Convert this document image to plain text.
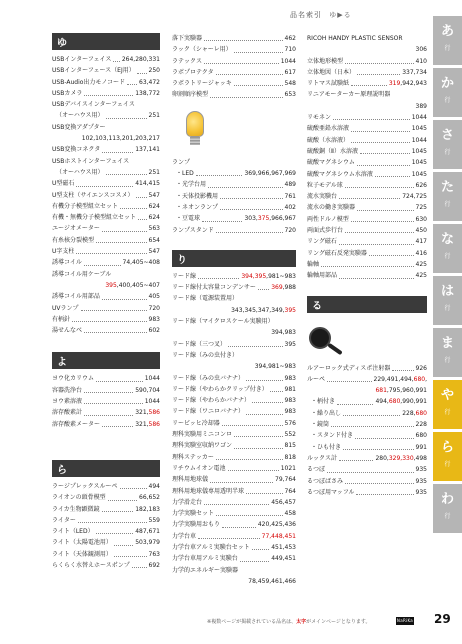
品名索引 ゆ▶る
ゆ
USBインターフェイス 264,280,331
USBインターフェース（EJ用） 250
USB-Audio出力モノコード 63,472
USBカメラ	138,772
USBデバイスインターフェイス
（オーハウス用）	251
USB変換アダプター
102,103,113,201,203,217
USB変換コネクタ	137,141
USBホストインターフェイス
（オーハウス用）	251
U型磁石	414,415
U型支柱（サイエンスコスメ） 547
有機分子模型組立セット	624
有機・無機分子模型組立セット 624
ユージオメーター	563
有糸核分裂模型	654
U字支柱	547
誘導コイル	74,405~408
誘導コイル用ケーブル
395,400,405~407
誘導コイル用部品	405
UVランプ	720
有柄針	983
湯せんなべ	602
よ
ヨウ化カリウム	1044
容器洗浄台	590,704
ヨウ素溶液	1044
溶存酸素計	321,586
溶存酸素メーター	321,586
ら
ラージプレックスルーペ	494
ライオンの頭骨模型	66,652
ライカ生物顕微鏡	182,183
ライター	559
ライト（LED）	487,671
ライト（太陽電池用）	503,979
ライト（天体観測用）	763
らくらく水替えホースポンプ	692
落下実験器	462
ラック（シャーレ用）	710
ラテックス	1044
ラボプロテクタ	617
ラボラトリージャッキ	548
卵割順序模型	653
ランプ
・LED	369,966,967,969
・光学台用	489
・天体投影機用	761
・ネオンランプ	402
・豆電球	303,375,966,967
ランプスタンド	720
り
リード線	394,395,981~983
リード線付太容量コンデンサー	369,988
リード線（電源装置用）
343,345,347,349,395
リード線（マイクロスケール実験用）
394,983
リード線（三つ叉）	395
リード線（みの虫付き）
394,981~983
リード線（みの虫バナナ）	983
リード線（やわらかクリップ付き）	981
リード線（やわらかバナナ）	983
リード線（ワニロバナナ）	983
リービッヒ冷却器	576
理科実験用ミニコンロ	552
理科実験室収納ワゴン	815
理科ステッカー	818
リチウムイオン電池	1021
理科用地球儀	79,764
理科用地球儀専用透明半球	764
力学滑走台	456,457
力学実験セット	458
力学実験用おもり	420,425,436
力学台車	77,448,451
力学台車アルミ実験台セット	451,453
力学台車用アルミ実験台	449,451
力学的エネルギー実験器
78,459,461,466
RICOH HANDY PLASTIC SENSOR
306
立体地形模型	410
立体地図（日本）	337,734
リトマス試験紙	319,942,943
リニアモーターカー原理説明器
389
リモネン	1044
硫酸亜鉛水溶液	1045
硫酸（水溶液）	1044
硫酸銅（Ⅱ）水溶液	1045
硫酸マグネシウム	1045
硫酸マグネシウム水溶液	1045
粒子モデル球	626
流水実験台	724,725
流水の働き実験器	725
両性ドルノ模型	630
両面式歩行台	450
リング磁石	417
リング磁石反発実験器	416
輪軸	425
輪軸用部品	425
る
ルアーロック式ディスポ注射器	926
ルーペ	229,491,494,680,
681,795,960,991
・柄付き	494,680,990,991
・繰り出し	228,680
・鏡筒	228
・スタンド付き	680
・ひも付き	991
ルックス計	280,329,330,498
るつぼ	935
るつぼばさみ	935
るつぼ用マッフル	935
あ
行
か
行
さ
行
た
行
な
行
は
行
ま
行
や
行
ら
行
わ
行
※複数ページが掲載されている品名は、太字がメインページとなります。	NaRiKa 29
